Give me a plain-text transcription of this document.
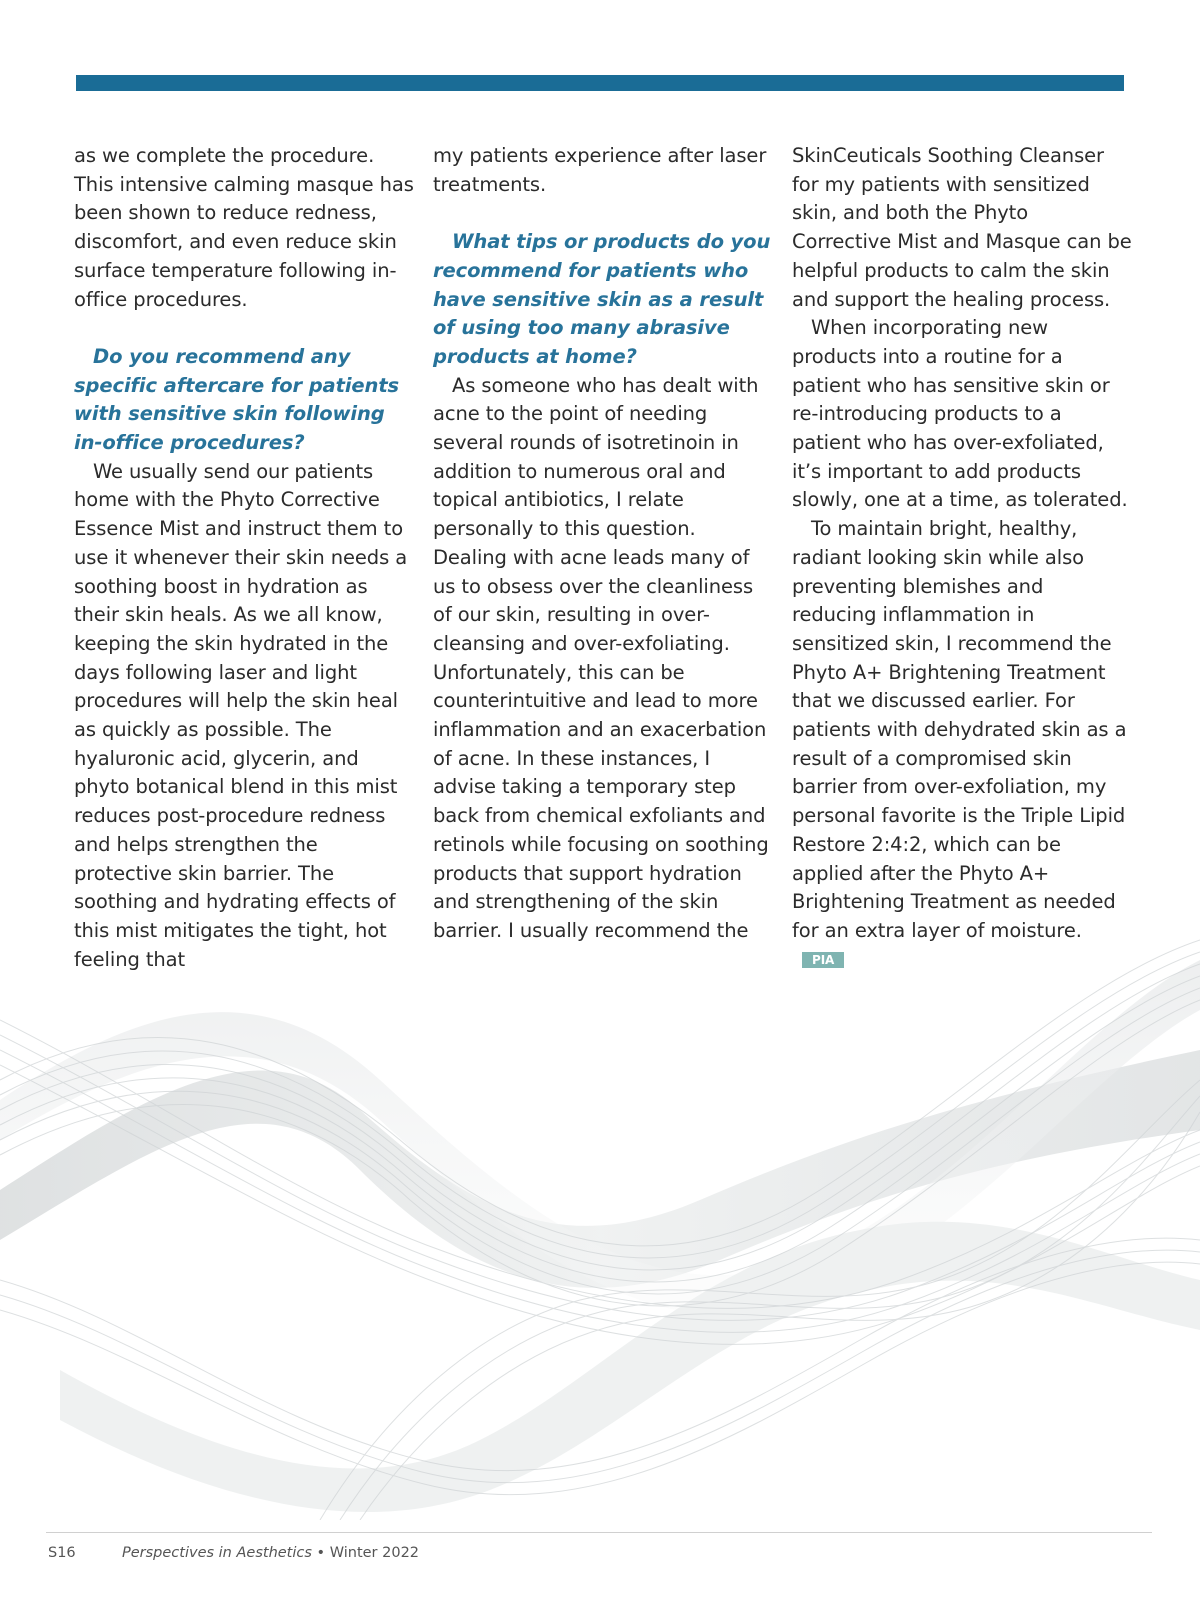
as we complete the procedure. This intensive calming masque has been shown to reduce redness, discomfort, and even reduce skin surface temperature following in-office procedures.

Do you recommend any specific aftercare for patients with sensitive skin following in-office procedures?

We usually send our patients home with the Phyto Corrective Essence Mist and instruct them to use it whenever their skin needs a soothing boost in hydration as their skin heals. As we all know, keeping the skin hydrated in the days following laser and light procedures will help the skin heal as quickly as possible. The hyaluronic acid, glycerin, and phyto botanical blend in this mist reduces post-procedure redness and helps strengthen the protective skin barrier. The soothing and hydrating effects of this mist mitigates the tight, hot feeling that

my patients experience after laser treatments.

What tips or products do you recommend for patients who have sensitive skin as a result of using too many abrasive products at home?

As someone who has dealt with acne to the point of needing several rounds of isotretinoin in addition to numerous oral and topical antibiotics, I relate personally to this question. Dealing with acne leads many of us to obsess over the cleanliness of our skin, resulting in over-cleansing and over-exfoliating. Unfortunately, this can be counterintuitive and lead to more inflammation and an exacerbation of acne. In these instances, I advise taking a temporary step back from chemical exfoliants and retinols while focusing on soothing products that support hydration and strengthening of the skin barrier. I usually recommend the

SkinCeuticals Soothing Cleanser for my patients with sensitized skin, and both the Phyto Corrective Mist and Masque can be helpful products to calm the skin and support the healing process.

When incorporating new products into a routine for a patient who has sensitive skin or re-introducing products to a patient who has over-exfoliated, it’s important to add products slowly, one at a time, as tolerated.

To maintain bright, healthy, radiant looking skin while also preventing blemishes and reducing inflammation in sensitized skin, I recommend the Phyto A+ Brightening Treatment that we discussed earlier. For patients with dehydrated skin as a result of a compromised skin barrier from over-exfoliation, my personal favorite is the Triple Lipid Restore 2:4:2, which can be applied after the Phyto A+ Brightening Treatment as needed for an extra layer of moisture.PIA

S16	Perspectives in Aesthetics • Winter 2022
